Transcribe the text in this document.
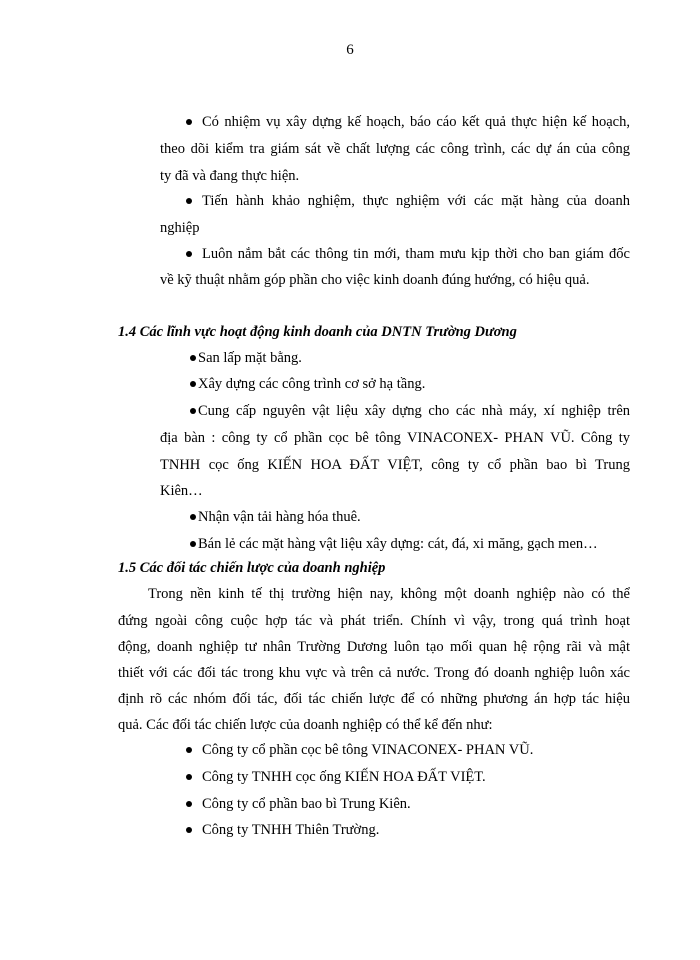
6
Có nhiệm vụ xây dựng kế hoạch, báo cáo kết quả thực hiện kế hoạch,
theo dõi kiểm tra giám sát về chất lượng các công trình, các dự án của công
ty đã và đang thực hiện.
Tiến hành khảo nghiệm, thực nghiệm với các mặt hàng của doanh
nghiệp
Luôn nắm bắt các thông tin mới, tham mưu kịp thời cho ban giám đốc
về kỹ thuật nhằm góp phần cho việc kinh doanh đúng hướng, có hiệu quả.
1.4 Các lĩnh vực hoạt động kinh doanh của DNTN Trường Dương
San lấp mặt bằng.
Xây dựng các công trình cơ sở hạ tầng.
Cung cấp nguyên vật liệu xây dựng cho các nhà máy, xí nghiệp trên
địa bàn : công ty cổ phần cọc bê tông VINACONEX- PHAN VŨ. Công ty
TNHH cọc ống KIẾN HOA ĐẤT VIỆT, công ty cổ phần bao bì Trung
Kiên…
Nhận vận tải hàng hóa thuê.
Bán lẻ các mặt hàng vật liệu xây dựng: cát, đá, xi măng, gạch men…
1.5 Các đối tác chiến lược của doanh nghiệp
Trong nền kinh tế thị trường hiện nay, không một doanh nghiệp nào có thể
đứng ngoài công cuộc hợp tác và phát triển. Chính vì vậy, trong quá trình hoạt
động, doanh nghiệp tư nhân Trường Dương luôn tạo mối quan hệ rộng rãi và mật
thiết với các đối tác trong khu vực và trên cả nước. Trong đó doanh nghiệp luôn xác
định rõ các nhóm đối tác, đối tác chiến lược để có những phương án hợp tác hiệu
quả. Các đối tác chiến lược của doanh nghiệp có thể kể đến như:
Công ty cổ phần cọc bê tông VINACONEX- PHAN VŨ.
Công ty TNHH cọc ống KIẾN HOA ĐẤT VIỆT.
Công ty cổ phần bao bì Trung Kiên.
Công ty TNHH Thiên Trường.
